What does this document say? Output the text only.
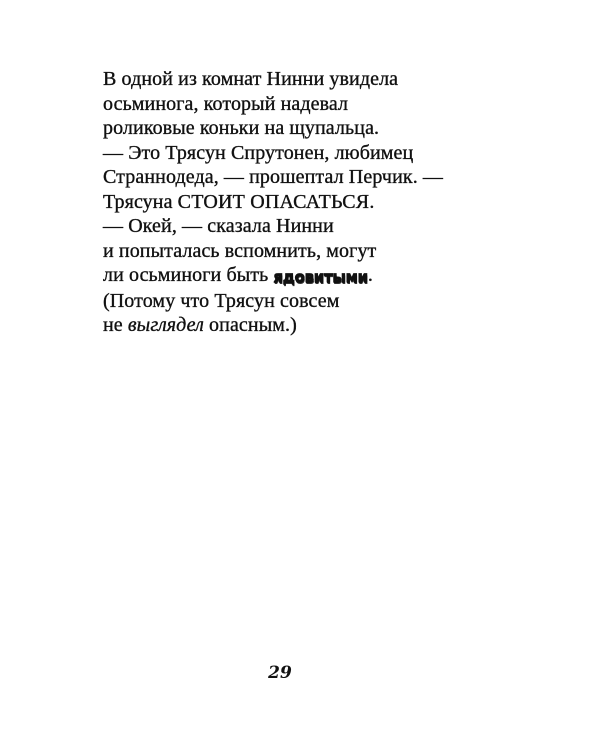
В одной из комнат Нинни увидела
осьминога, который надевал
роликовые коньки на щупальца.
— Это Трясун Спрутонен, любимец
Страннодеда, — прошептал Перчик. —
Трясуна СТОИТ ОПАСАТЬСЯ.
— Окей, — сказала Нинни
и попыталась вспомнить, могут
ли осьминоги быть ядовитыми.
(Потому что Трясун совсем
не выглядел опасным.)
29
